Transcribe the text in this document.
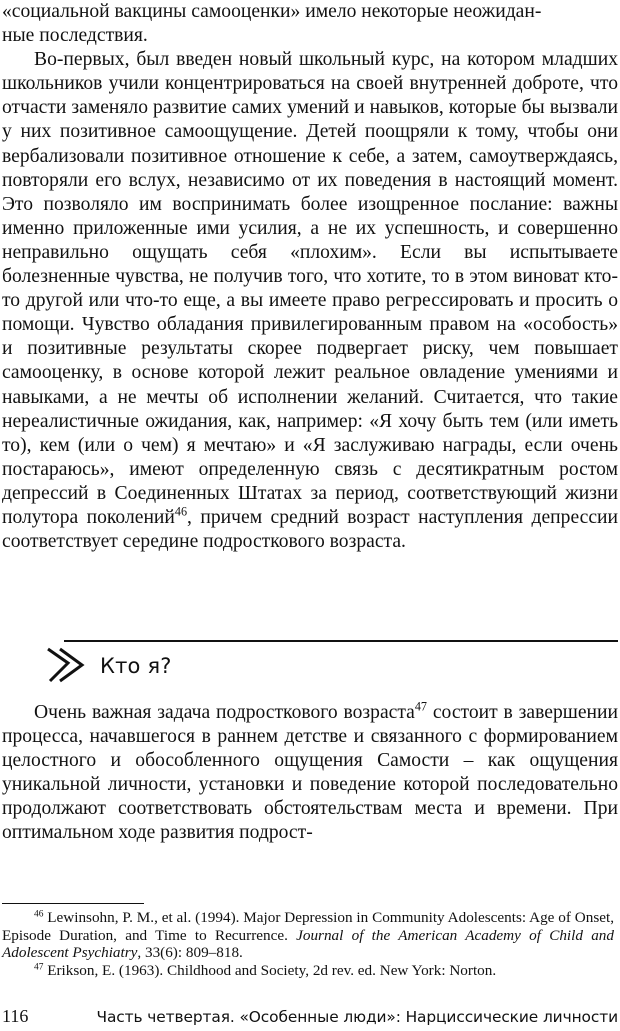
«социальной вакцины самооценки» имело некоторые неожидан-
ные последствия.

Во-первых, был введен новый школьный курс, на котором младших школьников учили концентрироваться на своей внутренней доброте, что отчасти заменяло развитие самих умений и навыков, которые бы вызвали у них позитивное самоощущение. Детей поощряли к тому, чтобы они вербализовали позитивное отношение к себе, а затем, самоутверждаясь, повторяли его вслух, независимо от их поведения в настоящий момент. Это позволяло им воспринимать более изощренное послание: важны именно приложенные ими усилия, а не их успешность, и совершенно неправильно ощущать себя «плохим». Если вы испытываете болезненные чувства, не получив того, что хотите, то в этом виноват кто-то другой или что-то еще, а вы имеете право регрессировать и просить о помощи. Чувство обладания привилегированным правом на «особость» и позитивные результаты скорее подвергает риску, чем повышает самооценку, в основе которой лежит реальное овладение умениями и навыками, а не мечты об исполнении желаний. Считается, что такие нереалистичные ожидания, как, например: «Я хочу быть тем (или иметь то), кем (или о чем) я мечтаю» и «Я заслуживаю награды, если очень постараюсь», имеют определенную связь с десятикратным ростом депрессий в Соединенных Штатах за период, соответствующий жизни полутора поколений$^{46}$, причем средний возраст наступления депрессии соответствует середине подросткового возраста.

Кто я?

Очень важная задача подросткового возраста$^{47}$ состоит в завершении процесса, начавшегося в раннем детстве и связанного с формированием целостного и обособленного ощущения Самости – как ощущения уникальной личности, установки и поведение которой последовательно продолжают соответствовать обстоятельствам места и времени. При оптимальном ходе развития подрост-

$^{46}$ Lewinsohn, P. M., et al. (1994). Major Depression in Community Adolescents: Age of Onset, Episode Duration, and Time to Recurrence. Journal of the American Academy of Child and Adolescent Psychiatry, 33(6): 809–818.

$^{47}$ Erikson, E. (1963). Childhood and Society, 2d rev. ed. New York: Norton.

116	Часть четвертая. «Особенные люди»: Нарциссические личности
